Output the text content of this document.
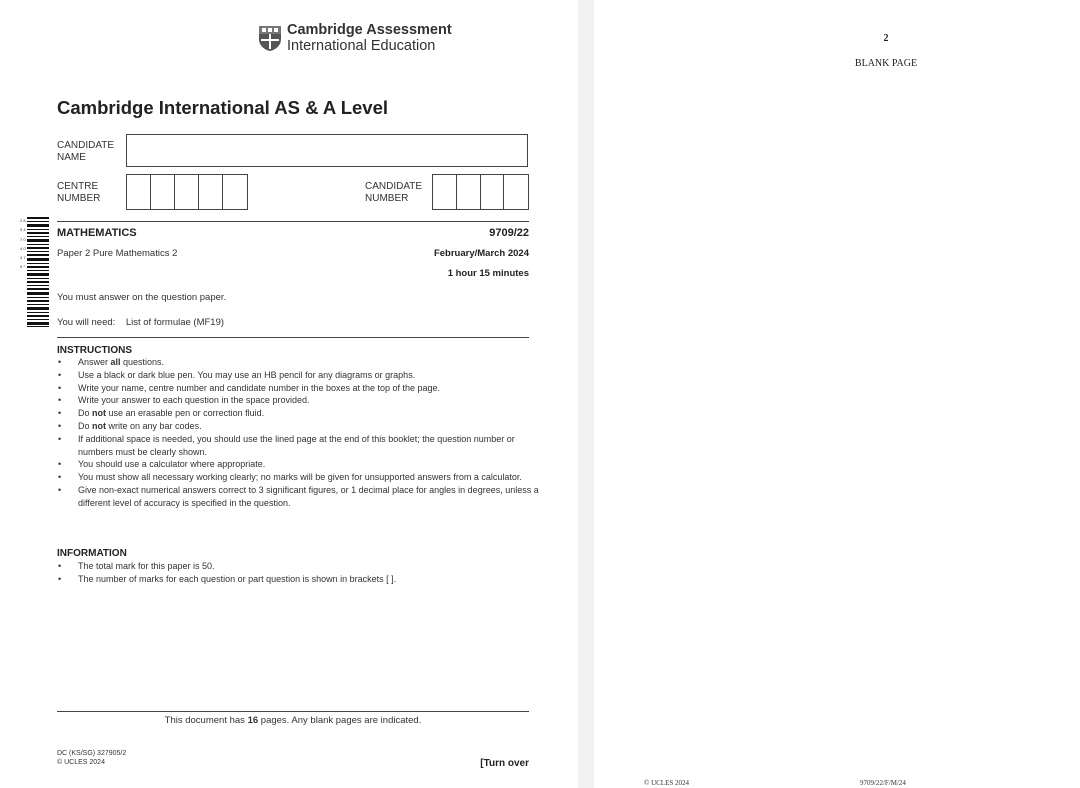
Cambridge Assessment
International Education
Cambridge International AS & A Level
CANDIDATE NAME
CENTRE NUMBER
CANDIDATE NUMBER
2 8 5 4 7 0 4 0 4 7 5 *
MATHEMATICS	9709/22
Paper 2 Pure Mathematics 2	February/March 2024
1 hour 15 minutes
You must answer on the question paper.
You will need:    List of formulae (MF19)
INSTRUCTIONS
• Answer all questions.
• Use a black or dark blue pen. You may use an HB pencil for any diagrams or graphs.
• Write your name, centre number and candidate number in the boxes at the top of the page.
• Write your answer to each question in the space provided.
• Do not use an erasable pen or correction fluid.
• Do not write on any bar codes.
• If additional space is needed, you should use the lined page at the end of this booklet; the question number or numbers must be clearly shown.
• You should use a calculator where appropriate.
• You must show all necessary working clearly; no marks will be given for unsupported answers from a calculator.
• Give non-exact numerical answers correct to 3 significant figures, or 1 decimal place for angles in degrees, unless a different level of accuracy is specified in the question.
INFORMATION
• The total mark for this paper is 50.
• The number of marks for each question or part question is shown in brackets [ ].
This document has 16 pages. Any blank pages are indicated.
DC (KS/SG) 327905/2
© UCLES 2024	[Turn over
2
BLANK PAGE
© UCLES 2024	9709/22/F/M/24
